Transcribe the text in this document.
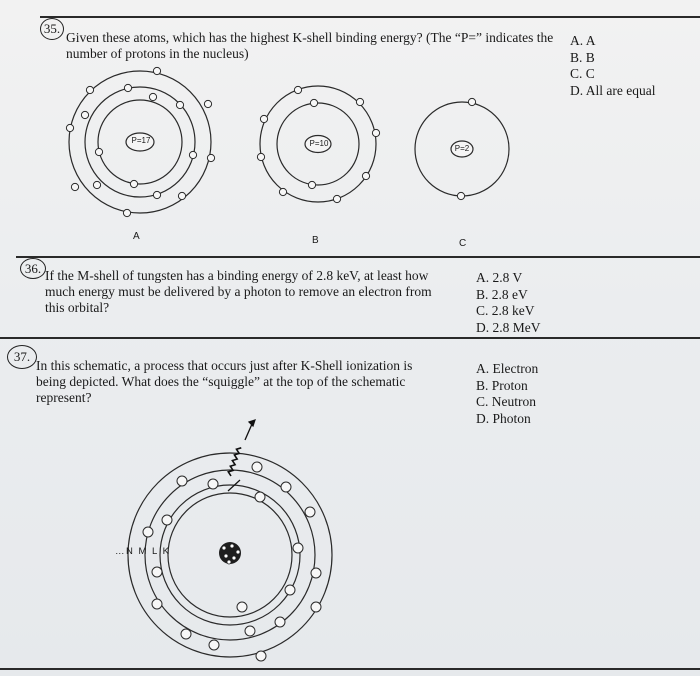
35.
Given these atoms, which has the highest K-shell binding energy? (The “P=” indicates the
number of protons in the nucleus)
A. A
B. B
C. C
D. All are equal
P=17	P=10
P=2
A	B	C
36. If the M-shell of tungsten has a binding energy of 2.8 keV, at least how
much energy must be delivered by a photon to remove an electron from
this orbital?
A. 2.8 V
B. 2.8 eV
C. 2.8 keV
D. 2.8 MeV
37.
In this schematic, a process that occurs just after K-Shell ionization is
being depicted. What does the “squiggle” at the top of the schematic
represent?
A. Electron
B. Proton
C. Neutron
D. Photon
…N M L K
